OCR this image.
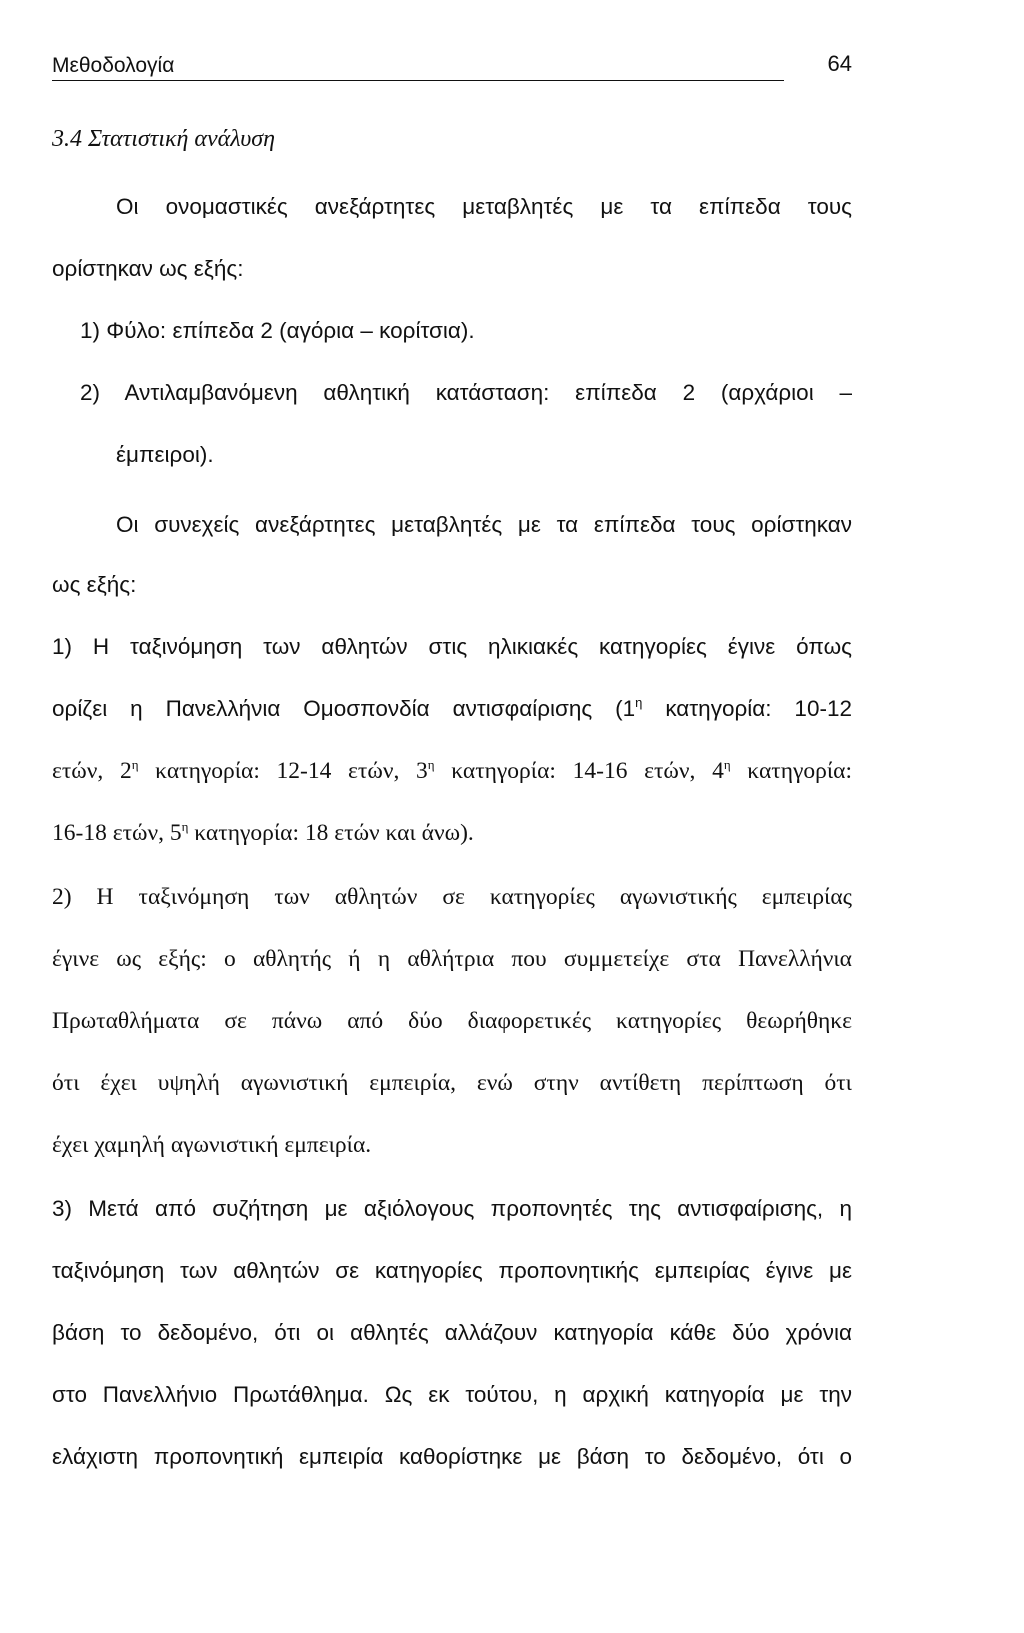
Μεθοδολογία	64
3.4 Στατιστική ανάλυση
Οι ονομαστικές ανεξάρτητες μεταβλητές με τα επίπεδα τους
ορίστηκαν ως εξής:
1) Φύλο: επίπεδα 2 (αγόρια – κορίτσια).
2) Αντιλαμβανόμενη αθλητική κατάσταση: επίπεδα 2 (αρχάριοι –
έμπειροι).
Οι συνεχείς ανεξάρτητες μεταβλητές με τα επίπεδα τους ορίστηκαν
ως εξής:
1) Η ταξινόμηση των αθλητών στις ηλικιακές κατηγορίες έγινε όπως
ορίζει η Πανελλήνια Ομοσπονδία αντισφαίρισης ($1^\eta$ κατηγορία: 10-12
ετών, $2^\eta$ κατηγορία: 12-14 ετών, $3^\eta$ κατηγορία: 14-16 ετών, $4^\eta$ κατηγορία:
16-18 ετών, $5^\eta$ κατηγορία: 18 ετών και άνω).
2) Η ταξινόμηση των αθλητών σε κατηγορίες αγωνιστικής εμπειρίας
έγινε ως εξής: ο αθλητής ή η αθλήτρια που συμμετείχε στα Πανελλήνια
Πρωταθλήματα σε πάνω από δύο διαφορετικές κατηγορίες θεωρήθηκε
ότι έχει υψηλή αγωνιστική εμπειρία, ενώ στην αντίθετη περίπτωση ότι
έχει χαμηλή αγωνιστική εμπειρία.
3) Μετά από συζήτηση με αξιόλογους προπονητές της αντισφαίρισης, η
ταξινόμηση των αθλητών σε κατηγορίες προπονητικής εμπειρίας έγινε με
βάση το δεδομένο, ότι οι αθλητές αλλάζουν κατηγορία κάθε δύο χρόνια
στο Πανελλήνιο Πρωτάθλημα. Ως εκ τούτου, η αρχική κατηγορία με την
ελάχιστη προπονητική εμπειρία καθορίστηκε με βάση το δεδομένο, ότι ο
